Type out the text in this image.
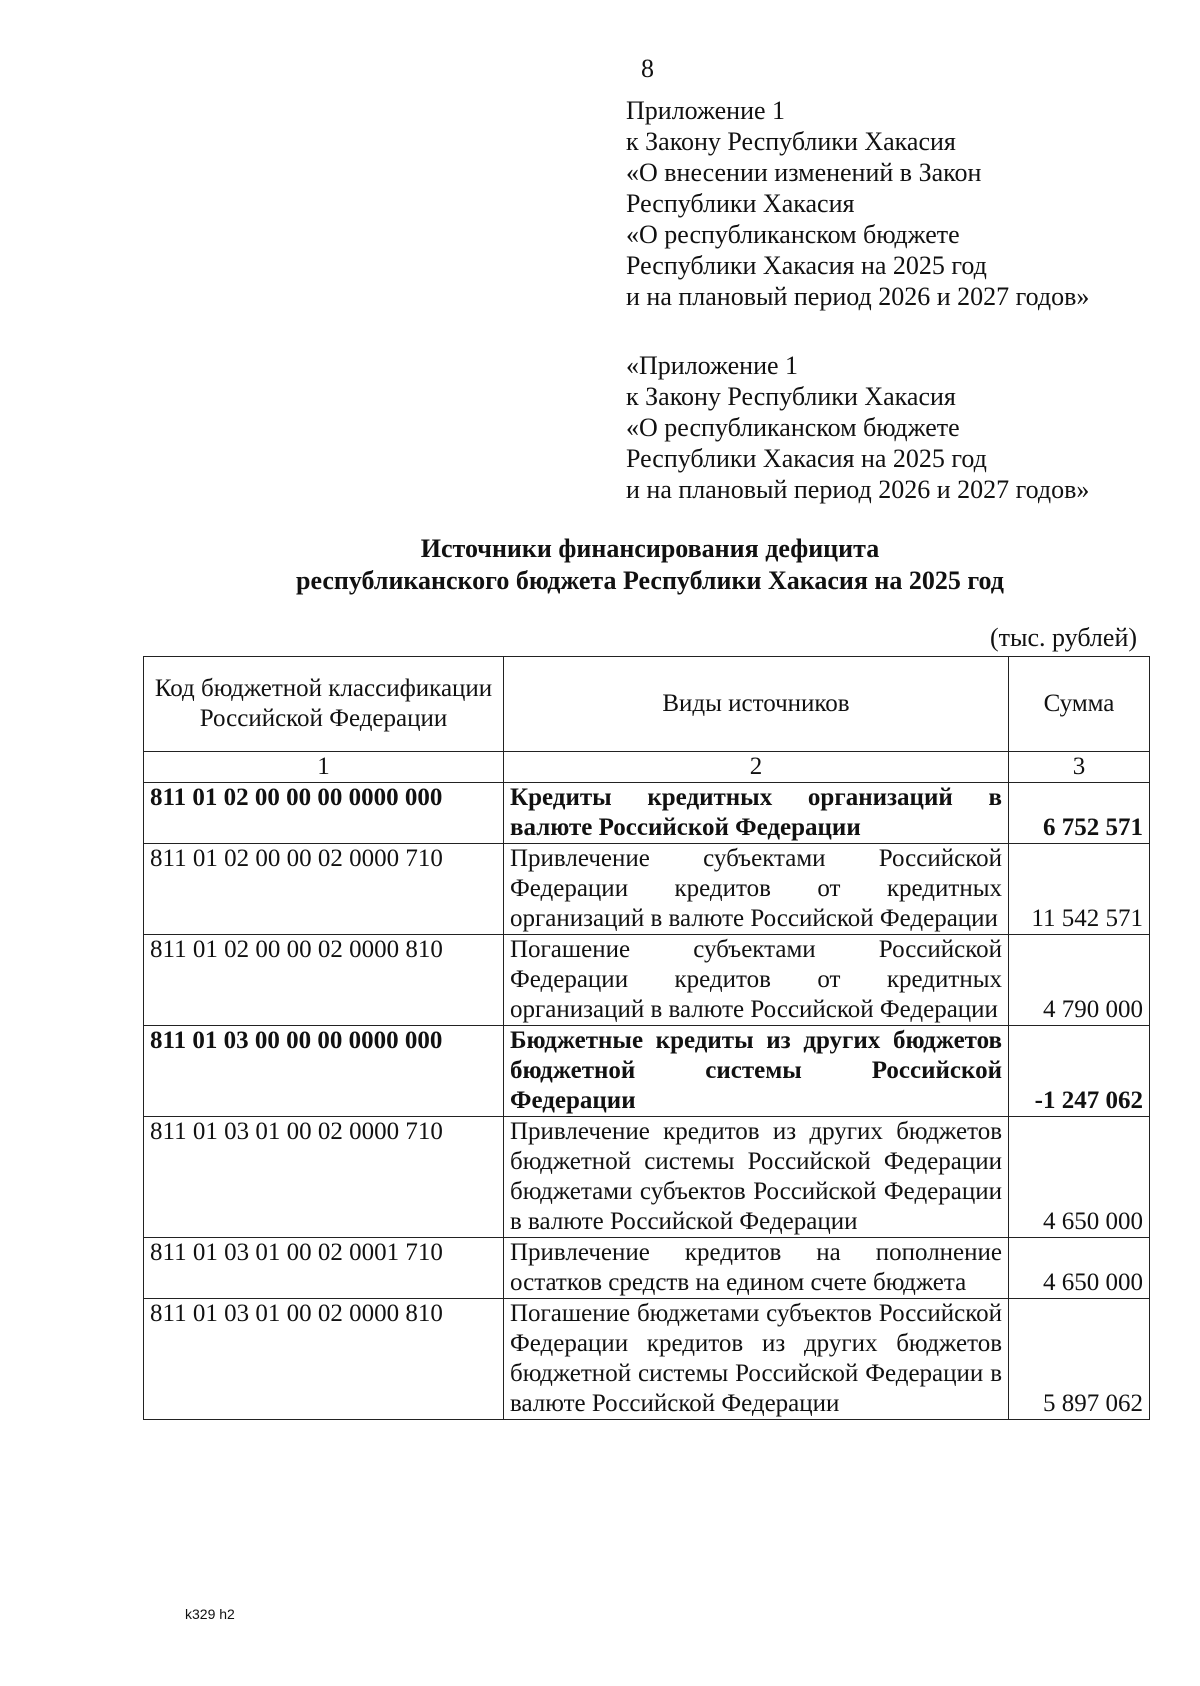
8
Приложение 1
к Закону Республики Хакасия
«О внесении изменений в Закон
Республики Хакасия
«О республиканском бюджете
Республики Хакасия на 2025 год
и на плановый период 2026 и 2027 годов»
«Приложение 1
к Закону Республики Хакасия
«О республиканском бюджете
Республики Хакасия на 2025 год
и на плановый период 2026 и 2027 годов»
Источники финансирования дефицита
республиканского бюджета Республики Хакасия на 2025 год
(тыс. рублей)
Код бюджетной классификации Российской Федерации	Виды источников	Сумма
1	2	3
811 01 02 00 00 00 0000 000	Кредиты кредитных организаций в валюте Российской Федерации	6 752 571
811 01 02 00 00 02 0000 710	Привлечение субъектами Российской Федерации кредитов от кредитных организаций в валюте Российской Федерации	11 542 571
811 01 02 00 00 02 0000 810	Погашение субъектами Российской Федерации кредитов от кредитных организаций в валюте Российской Федерации	4 790 000
811 01 03 00 00 00 0000 000	Бюджетные кредиты из других бюджетов бюджетной системы Российской Федерации	-1 247 062
811 01 03 01 00 02 0000 710	Привлечение кредитов из других бюджетов бюджетной системы Российской Федерации бюджетами субъектов Российской Федерации в валюте Российской Федерации	4 650 000
811 01 03 01 00 02 0001 710	Привлечение кредитов на пополнение остатков средств на едином счете бюджета	4 650 000
811 01 03 01 00 02 0000 810	Погашение бюджетами субъектов Российской Федерации кредитов из других бюджетов бюджетной системы Российской Федерации в валюте Российской Федерации	5 897 062
k329 h2
